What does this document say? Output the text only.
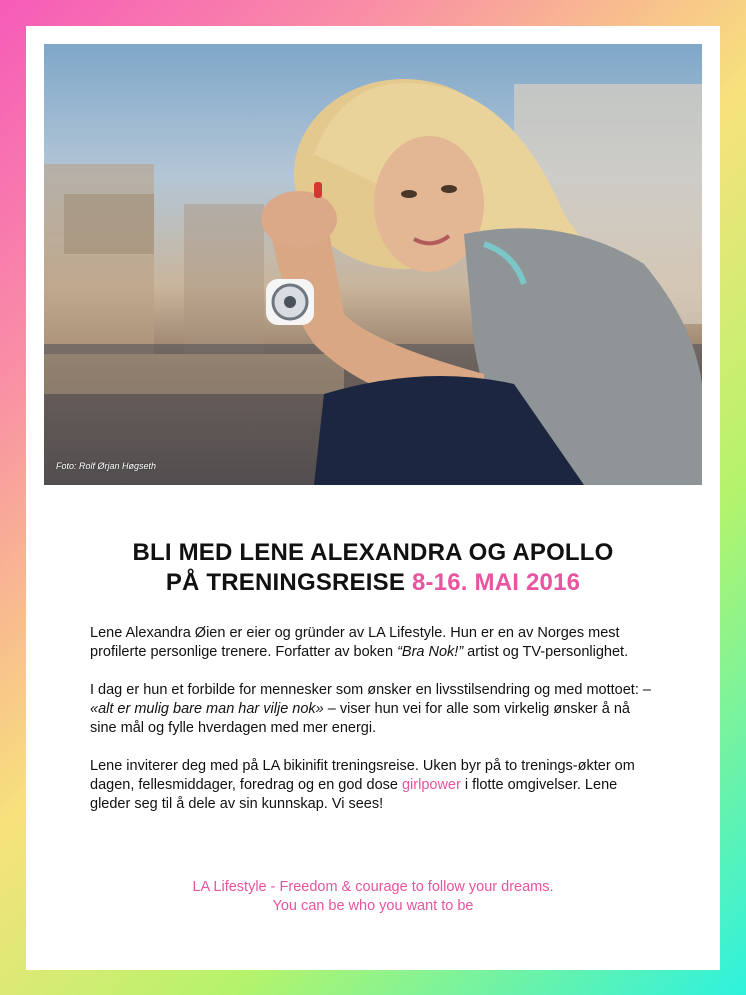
Foto: Rolf Ørjan Høgseth
BLI MED LENE ALEXANDRA OG APOLLO
PÅ TRENINGSREISE 8-16. MAI 2016

Lene Alexandra Øien er eier og gründer av LA Lifestyle. Hun er en av Norges mest profilerte personlige trenere. Forfatter av boken “Bra Nok!” artist og TV-personlighet.

I dag er hun et forbilde for mennesker som ønsker en livsstilsendring og med mottoet: – «alt er mulig bare man har vilje nok» – viser hun vei for alle som virkelig ønsker å nå sine mål og fylle hverdagen med mer energi.

Lene inviterer deg med på LA bikinifit treningsreise. Uken byr på to trenings-økter om dagen, fellesmiddager, foredrag og en god dose girlpower i flotte omgivelser. Lene gleder seg til å dele av sin kunnskap. Vi sees!

LA Lifestyle - Freedom & courage to follow your dreams.
You can be who you want to be
